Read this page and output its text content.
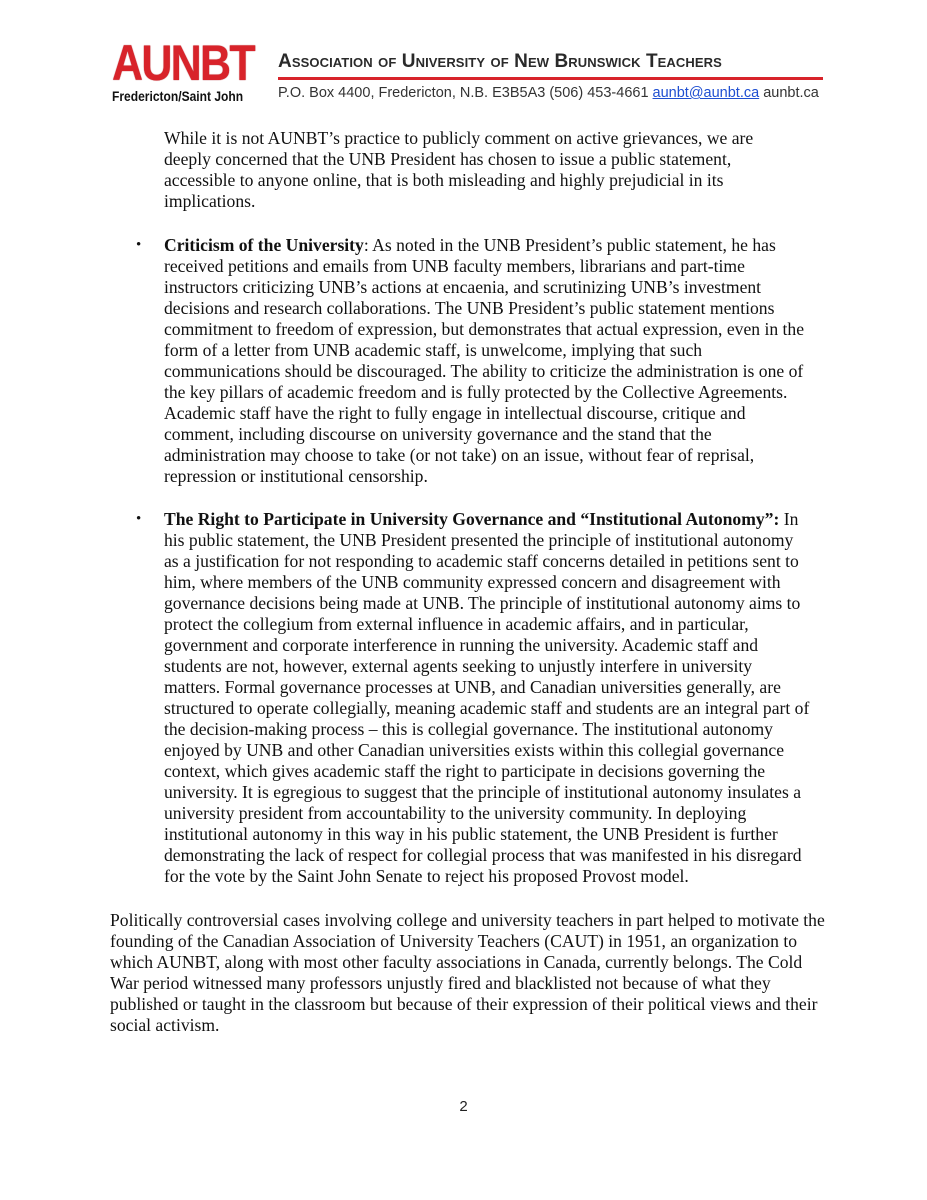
AUNBT
Fredericton/Saint John
Association of University of New Brunswick Teachers
P.O. Box 4400, Fredericton, N.B. E3B5A3 (506) 453-4661 aunbt@aunbt.ca aunbt.ca

While it is not AUNBT’s practice to publicly comment on active grievances, we are deeply concerned that the UNB President has chosen to issue a public statement, accessible to anyone online, that is both misleading and highly prejudicial in its implications.

• Criticism of the University: As noted in the UNB President’s public statement, he has received petitions and emails from UNB faculty members, librarians and part-time instructors criticizing UNB’s actions at encaenia, and scrutinizing UNB’s investment decisions and research collaborations. The UNB President’s public statement mentions commitment to freedom of expression, but demonstrates that actual expression, even in the form of a letter from UNB academic staff, is unwelcome, implying that such communications should be discouraged. The ability to criticize the administration is one of the key pillars of academic freedom and is fully protected by the Collective Agreements. Academic staff have the right to fully engage in intellectual discourse, critique and comment, including discourse on university governance and the stand that the administration may choose to take (or not take) on an issue, without fear of reprisal, repression or institutional censorship.
• The Right to Participate in University Governance and “Institutional Autonomy”: In his public statement, the UNB President presented the principle of institutional autonomy as a justification for not responding to academic staff concerns detailed in petitions sent to him, where members of the UNB community expressed concern and disagreement with governance decisions being made at UNB. The principle of institutional autonomy aims to protect the collegium from external influence in academic affairs, and in particular, government and corporate interference in running the university. Academic staff and students are not, however, external agents seeking to unjustly interfere in university matters. Formal governance processes at UNB, and Canadian universities generally, are structured to operate collegially, meaning academic staff and students are an integral part of the decision-making process – this is collegial governance. The institutional autonomy enjoyed by UNB and other Canadian universities exists within this collegial governance context, which gives academic staff the right to participate in decisions governing the university. It is egregious to suggest that the principle of institutional autonomy insulates a university president from accountability to the university community. In deploying institutional autonomy in this way in his public statement, the UNB President is further demonstrating the lack of respect for collegial process that was manifested in his disregard for the vote by the Saint John Senate to reject his proposed Provost model.

Politically controversial cases involving college and university teachers in part helped to motivate the founding of the Canadian Association of University Teachers (CAUT) in 1951, an organization to which AUNBT, along with most other faculty associations in Canada, currently belongs. The Cold War period witnessed many professors unjustly fired and blacklisted not because of what they published or taught in the classroom but because of their expression of their political views and their social activism.

2
